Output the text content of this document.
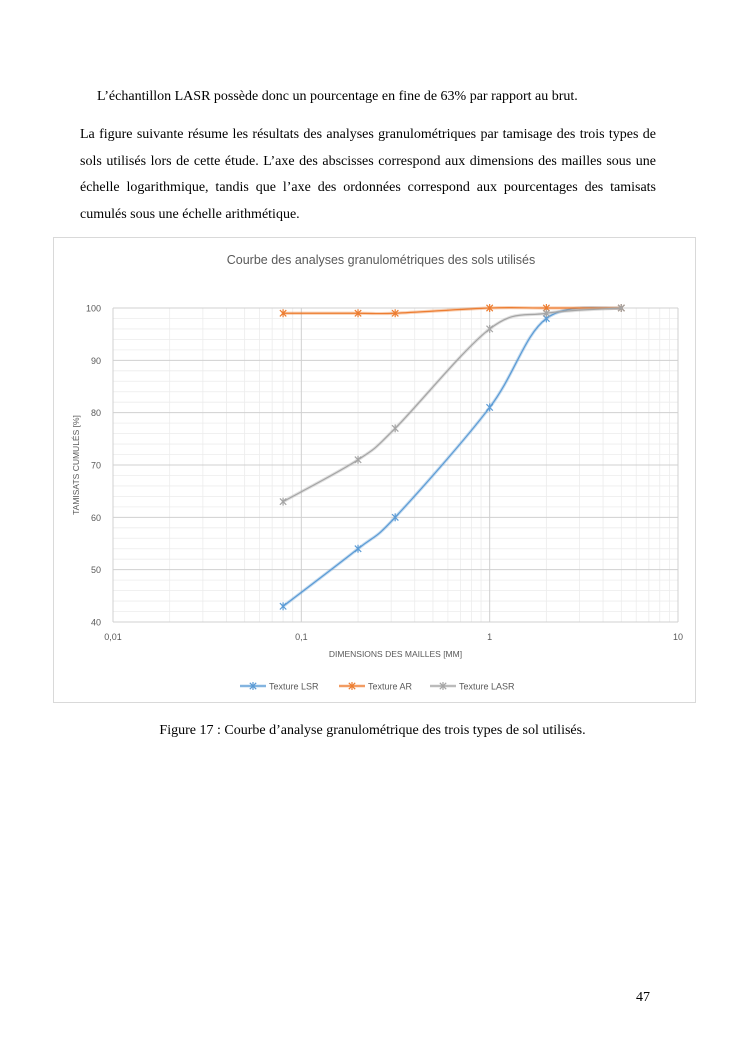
L’échantillon LASR possède donc un pourcentage en fine de 63% par rapport au brut.
La figure suivante résume les résultats des analyses granulométriques par tamisage des trois types de sols utilisés lors de cette étude. L’axe des abscisses correspond aux dimensions des mailles sous une échelle logarithmique, tandis que l’axe des ordonnées correspond aux pourcentages des tamisats cumulés sous une échelle arithmétique.
Courbe des analyses granulométriques des sols utilisés
40
50
60
70
80
90
100
0,01	0,1	1	10
DIMENSIONS DES MAILLES [MM]
TAMISATS CUMULÉS [%]
Texture LSR	Texture AR	Texture LASR
Figure 17 : Courbe d’analyse granulométrique des trois types de sol utilisés.
47
